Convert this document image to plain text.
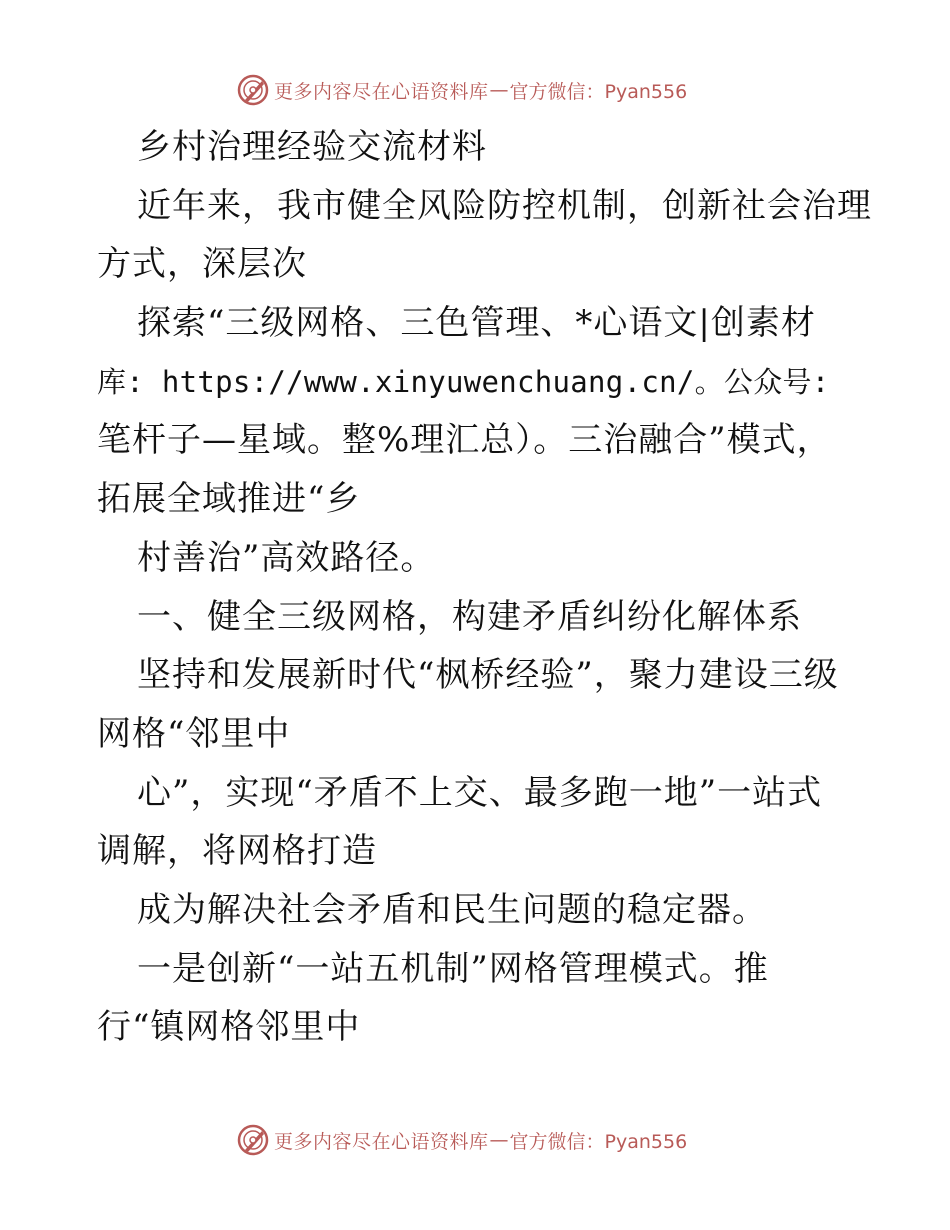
更多内容尽在心语资料库 — 官方微信：Pyan556
乡村治理经验交流材料
近年来，我市健全风险防控机制，创新社会治理
方式，深层次
探索“三级网格、三色管理、*心语文|创素材
库: https://www.xinyuwenchuang.cn/。公众号:
笔杆子—星域。整%理汇总）。三治融合”模式，
拓展全域推进“乡
村善治”高效路径。
一、健全三级网格，构建矛盾纠纷化解体系
坚持和发展新时代“枫桥经验”，聚力建设三级
网格“邻里中
心”，实现“矛盾不上交、最多跑一地”一站式
调解，将网格打造
成为解决社会矛盾和民生问题的稳定器。
一是创新“一站五机制”网格管理模式。推
行“镇网格邻里中
更多内容尽在心语资料库 — 官方微信：Pyan556
